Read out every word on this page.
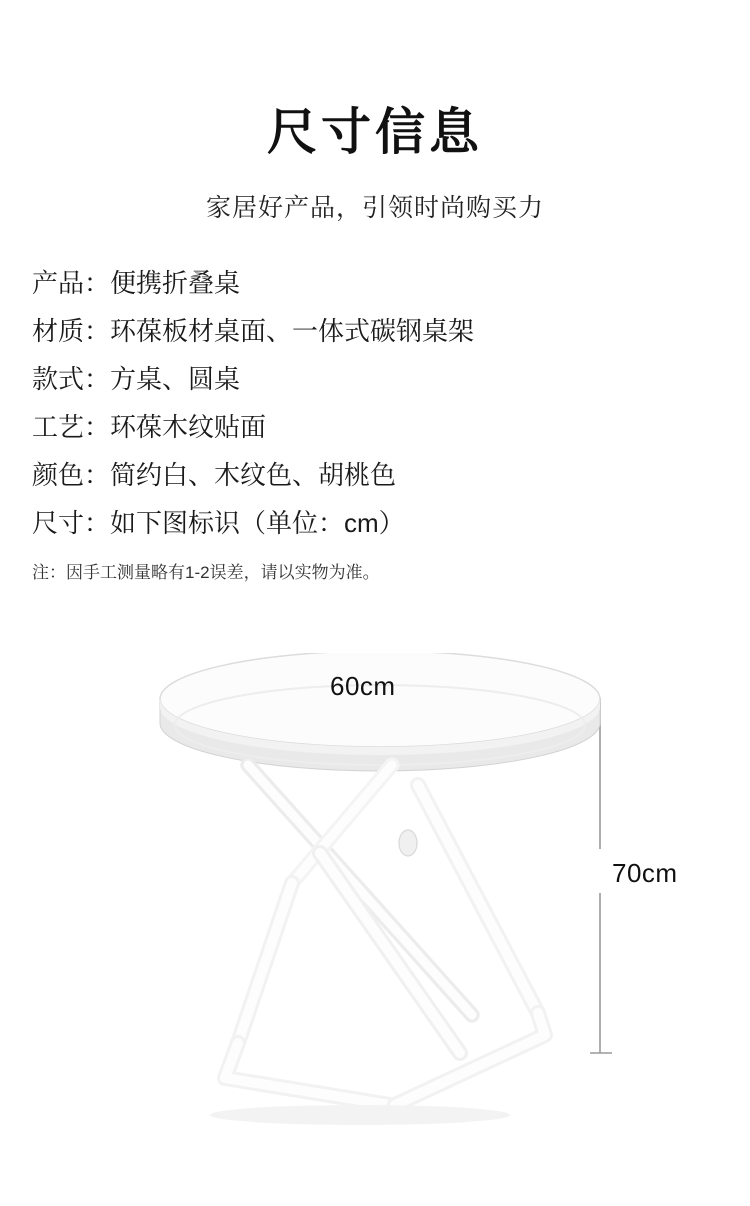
尺寸信息
家居好产品，引领时尚购买力
产品：便携折叠桌
材质：环葆板材桌面、一体式碳钢桌架
款式：方桌、圆桌
工艺：环葆木纹贴面
颜色：简约白、木纹色、胡桃色
尺寸：如下图标识（单位：cm）
注：因手工测量略有1-2误差，请以实物为准。
60cm
70cm
